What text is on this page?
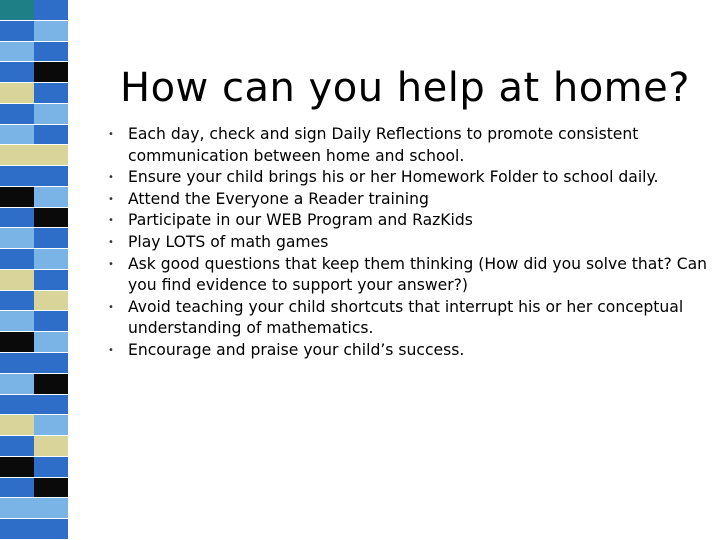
How can you help at home?
• Each day, check and sign Daily Reflections to promote consistent communication between home and school.
• Ensure your child brings his or her Homework Folder to school daily.
• Attend the Everyone a Reader training
• Participate in our WEB Program and RazKids
• Play LOTS of math games
• Ask good questions that keep them thinking (How did you solve that? Can you find evidence to support your answer?)
• Avoid teaching your child shortcuts that interrupt his or her conceptual understanding of mathematics.
• Encourage and praise your child’s success.
